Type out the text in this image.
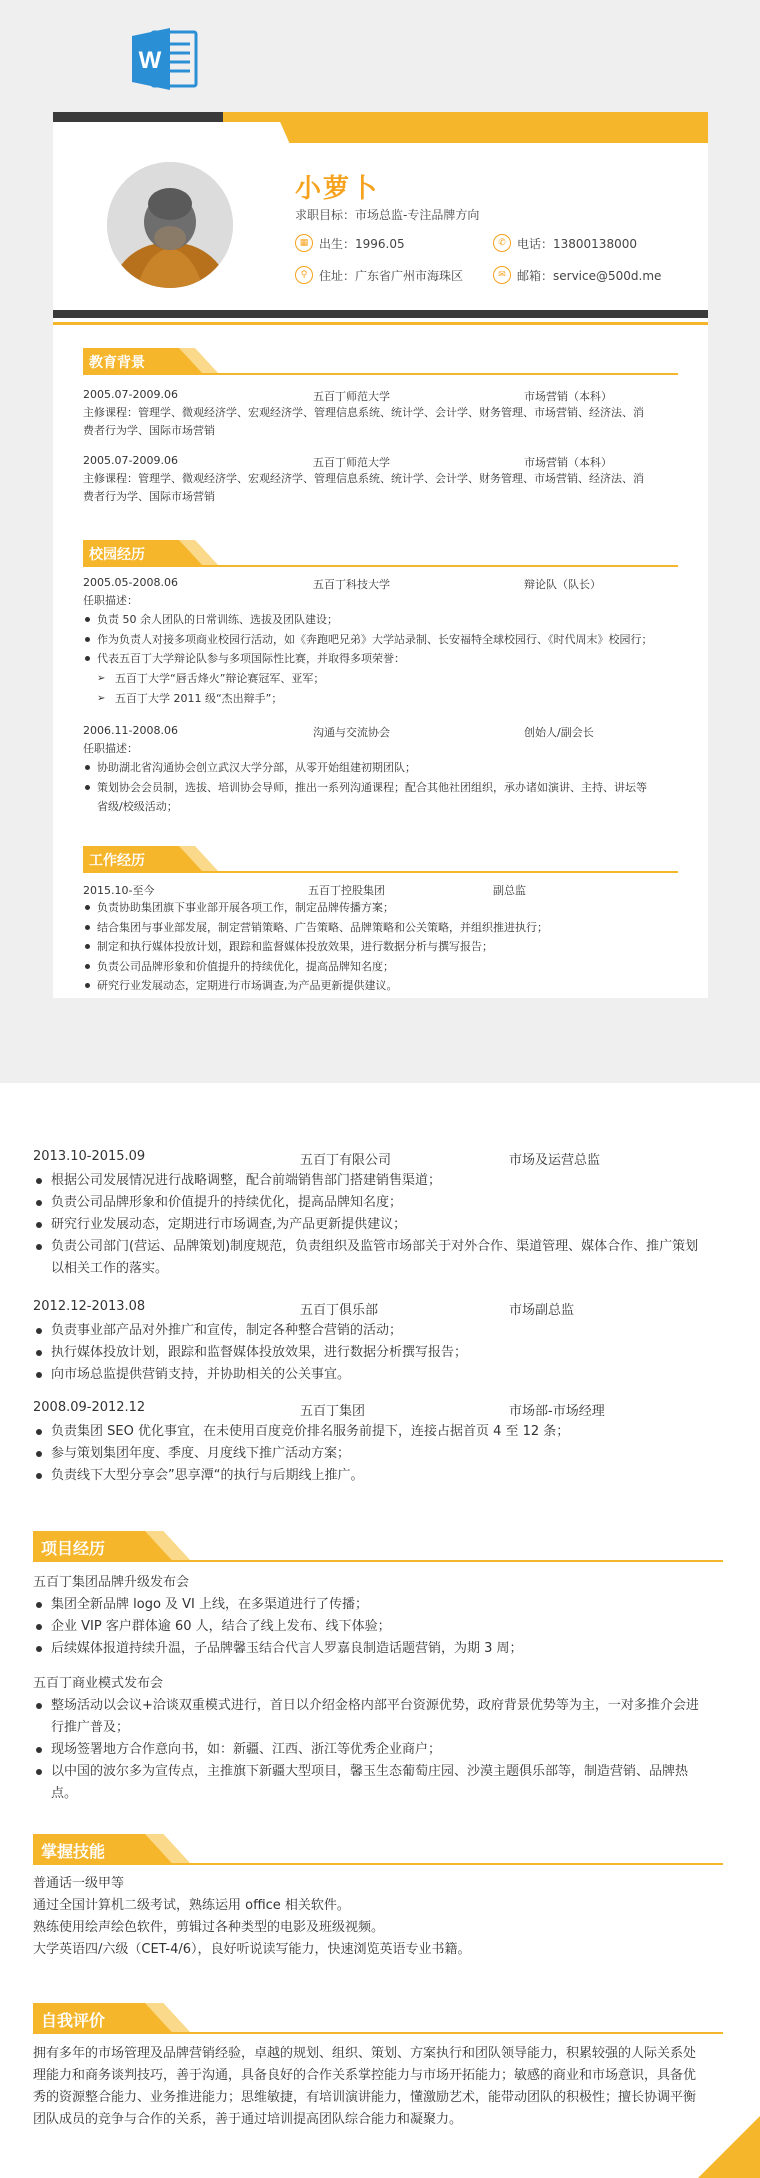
W
小萝卜
求职目标：市场总监-专注品牌方向
▦ 出生：1996.05	✆ 电话：13800138000
⚲ 住址：广东省广州市海珠区	✉ 邮箱：service@500d.me
教育背景
2005.07-2009.06	五百丁师范大学	市场营销（本科）
主修课程：管理学、微观经济学、宏观经济学、管理信息系统、统计学、会计学、财务管理、市场营销、经济法、消
费者行为学、国际市场营销
2005.07-2009.06	五百丁师范大学	市场营销（本科）
主修课程：管理学、微观经济学、宏观经济学、管理信息系统、统计学、会计学、财务管理、市场营销、经济法、消
费者行为学、国际市场营销
校园经历
2005.05-2008.06	五百丁科技大学	辩论队（队长）
任职描述：
负责 50 余人团队的日常训练、选拔及团队建设；
作为负责人对接多项商业校园行活动，如《奔跑吧兄弟》大学站录制、长安福特全球校园行、《时代周末》校园行；
代表五百丁大学辩论队参与多项国际性比赛，并取得多项荣誉：
➢ 五百丁大学“唇舌烽火”辩论赛冠军、亚军；
➢ 五百丁大学 2011 级“杰出辩手”；
2006.11-2008.06	沟通与交流协会	创始人/副会长
任职描述：
协助湖北省沟通协会创立武汉大学分部，从零开始组建初期团队；
策划协会会员制，选拔、培训协会导师，推出一系列沟通课程；配合其他社团组织，承办诸如演讲、主持、讲坛等
省级/校级活动；
工作经历
2015.10-至今	五百丁控股集团	副总监
负责协助集团旗下事业部开展各项工作，制定品牌传播方案；
结合集团与事业部发展，制定营销策略、广告策略、品牌策略和公关策略，并组织推进执行；
制定和执行媒体投放计划，跟踪和监督媒体投放效果，进行数据分析与撰写报告；
负责公司品牌形象和价值提升的持续优化，提高品牌知名度；
研究行业发展动态，定期进行市场调查,为产品更新提供建议。
2013.10-2015.09	五百丁有限公司	市场及运营总监
根据公司发展情况进行战略调整，配合前端销售部门搭建销售渠道；
负责公司品牌形象和价值提升的持续优化，提高品牌知名度；
研究行业发展动态，定期进行市场调查,为产品更新提供建议；
负责公司部门(营运、品牌策划)制度规范，负责组织及监管市场部关于对外合作、渠道管理、媒体合作、推广策划
以相关工作的落实。
2012.12-2013.08	五百丁俱乐部	市场副总监
负责事业部产品对外推广和宣传，制定各种整合营销的活动；
执行媒体投放计划，跟踪和监督媒体投放效果，进行数据分析撰写报告；
向市场总监提供营销支持，并协助相关的公关事宜。
2008.09-2012.12	五百丁集团	市场部-市场经理
负责集团 SEO 优化事宜，在未使用百度竞价排名服务前提下，连接占据首页 4 至 12 条；
参与策划集团年度、季度、月度线下推广活动方案；
负责线下大型分享会”思享潭“的执行与后期线上推广。
项目经历
五百丁集团品牌升级发布会
集团全新品牌 logo 及 VI 上线，在多渠道进行了传播；
企业 VIP 客户群体逾 60 人，结合了线上发布、线下体验；
后续媒体报道持续升温，子品牌馨玉结合代言人罗嘉良制造话题营销，为期 3 周；
五百丁商业模式发布会
整场活动以会议+洽谈双重模式进行，首日以介绍金格内部平台资源优势，政府背景优势等为主，一对多推介会进
行推广普及；
现场签署地方合作意向书，如：新疆、江西、浙江等优秀企业商户；
以中国的波尔多为宣传点，主推旗下新疆大型项目，馨玉生态葡萄庄园、沙漠主题俱乐部等，制造营销、品牌热
点。
掌握技能
普通话一级甲等
通过全国计算机二级考试，熟练运用 office 相关软件。
熟练使用绘声绘色软件，剪辑过各种类型的电影及班级视频。
大学英语四/六级（CET-4/6），良好听说读写能力，快速浏览英语专业书籍。
自我评价
拥有多年的市场管理及品牌营销经验，卓越的规划、组织、策划、方案执行和团队领导能力，积累较强的人际关系处
理能力和商务谈判技巧，善于沟通，具备良好的合作关系掌控能力与市场开拓能力；敏感的商业和市场意识，具备优
秀的资源整合能力、业务推进能力；思维敏捷，有培训演讲能力，懂激励艺术，能带动团队的积极性；擅长协调平衡
团队成员的竞争与合作的关系，善于通过培训提高团队综合能力和凝聚力。
